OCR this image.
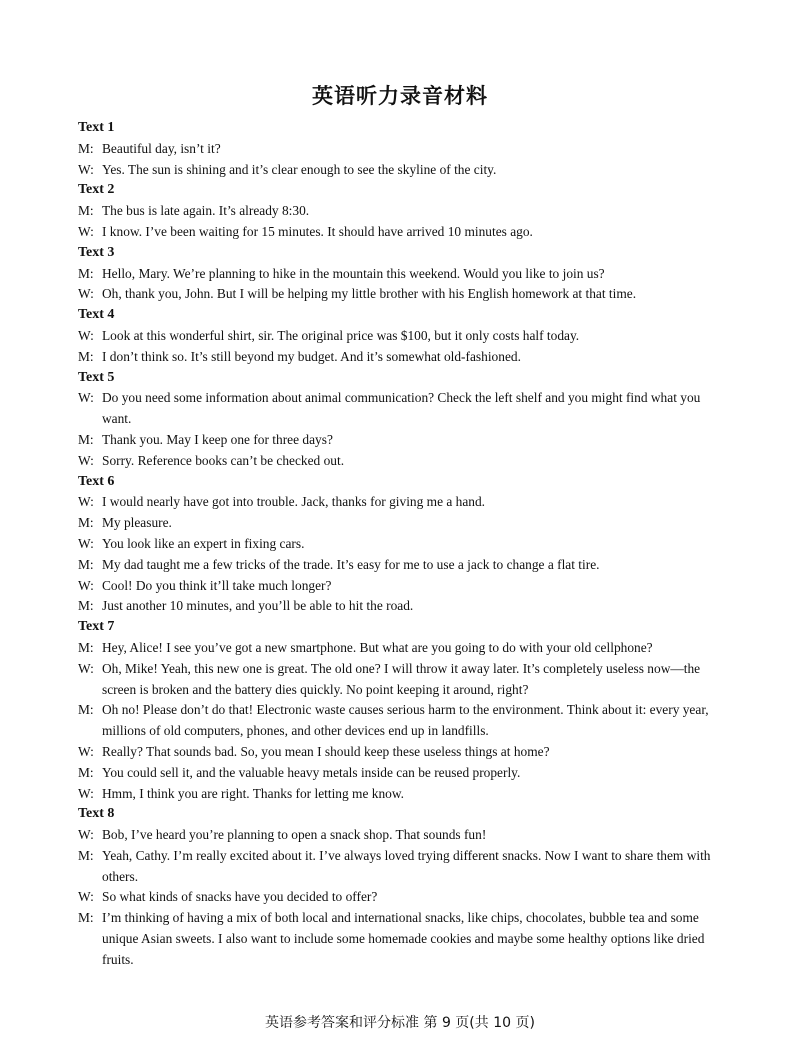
英语听力录音材料
Text 1
M: Beautiful day, isn’t it?
W: Yes. The sun is shining and it’s clear enough to see the skyline of the city.
Text 2
M: The bus is late again. It’s already 8:30.
W: I know. I’ve been waiting for 15 minutes. It should have arrived 10 minutes ago.
Text 3
M: Hello, Mary. We’re planning to hike in the mountain this weekend. Would you like to join us?
W: Oh, thank you, John. But I will be helping my little brother with his English homework at that time.
Text 4
W: Look at this wonderful shirt, sir. The original price was $100, but it only costs half today.
M: I don’t think so. It’s still beyond my budget. And it’s somewhat old-fashioned.
Text 5
W: Do you need some information about animal communication? Check the left shelf and you might find what you want.
M: Thank you. May I keep one for three days?
W: Sorry. Reference books can’t be checked out.
Text 6
W: I would nearly have got into trouble. Jack, thanks for giving me a hand.
M: My pleasure.
W: You look like an expert in fixing cars.
M: My dad taught me a few tricks of the trade. It’s easy for me to use a jack to change a flat tire.
W: Cool! Do you think it’ll take much longer?
M: Just another 10 minutes, and you’ll be able to hit the road.
Text 7
M: Hey, Alice! I see you’ve got a new smartphone. But what are you going to do with your old cellphone?
W: Oh, Mike! Yeah, this new one is great. The old one? I will throw it away later. It’s completely useless now—the screen is broken and the battery dies quickly. No point keeping it around, right?
M: Oh no! Please don’t do that! Electronic waste causes serious harm to the environment. Think about it: every year, millions of old computers, phones, and other devices end up in landfills.
W: Really? That sounds bad. So, you mean I should keep these useless things at home?
M: You could sell it, and the valuable heavy metals inside can be reused properly.
W: Hmm, I think you are right. Thanks for letting me know.
Text 8
W: Bob, I’ve heard you’re planning to open a snack shop. That sounds fun!
M: Yeah, Cathy. I’m really excited about it. I’ve always loved trying different snacks. Now I want to share them with others.
W: So what kinds of snacks have you decided to offer?
M: I’m thinking of having a mix of both local and international snacks, like chips, chocolates, bubble tea and some unique Asian sweets. I also want to include some homemade cookies and maybe some healthy options like dried fruits.
英语参考答案和评分标准 第 9 页(共 10 页)
